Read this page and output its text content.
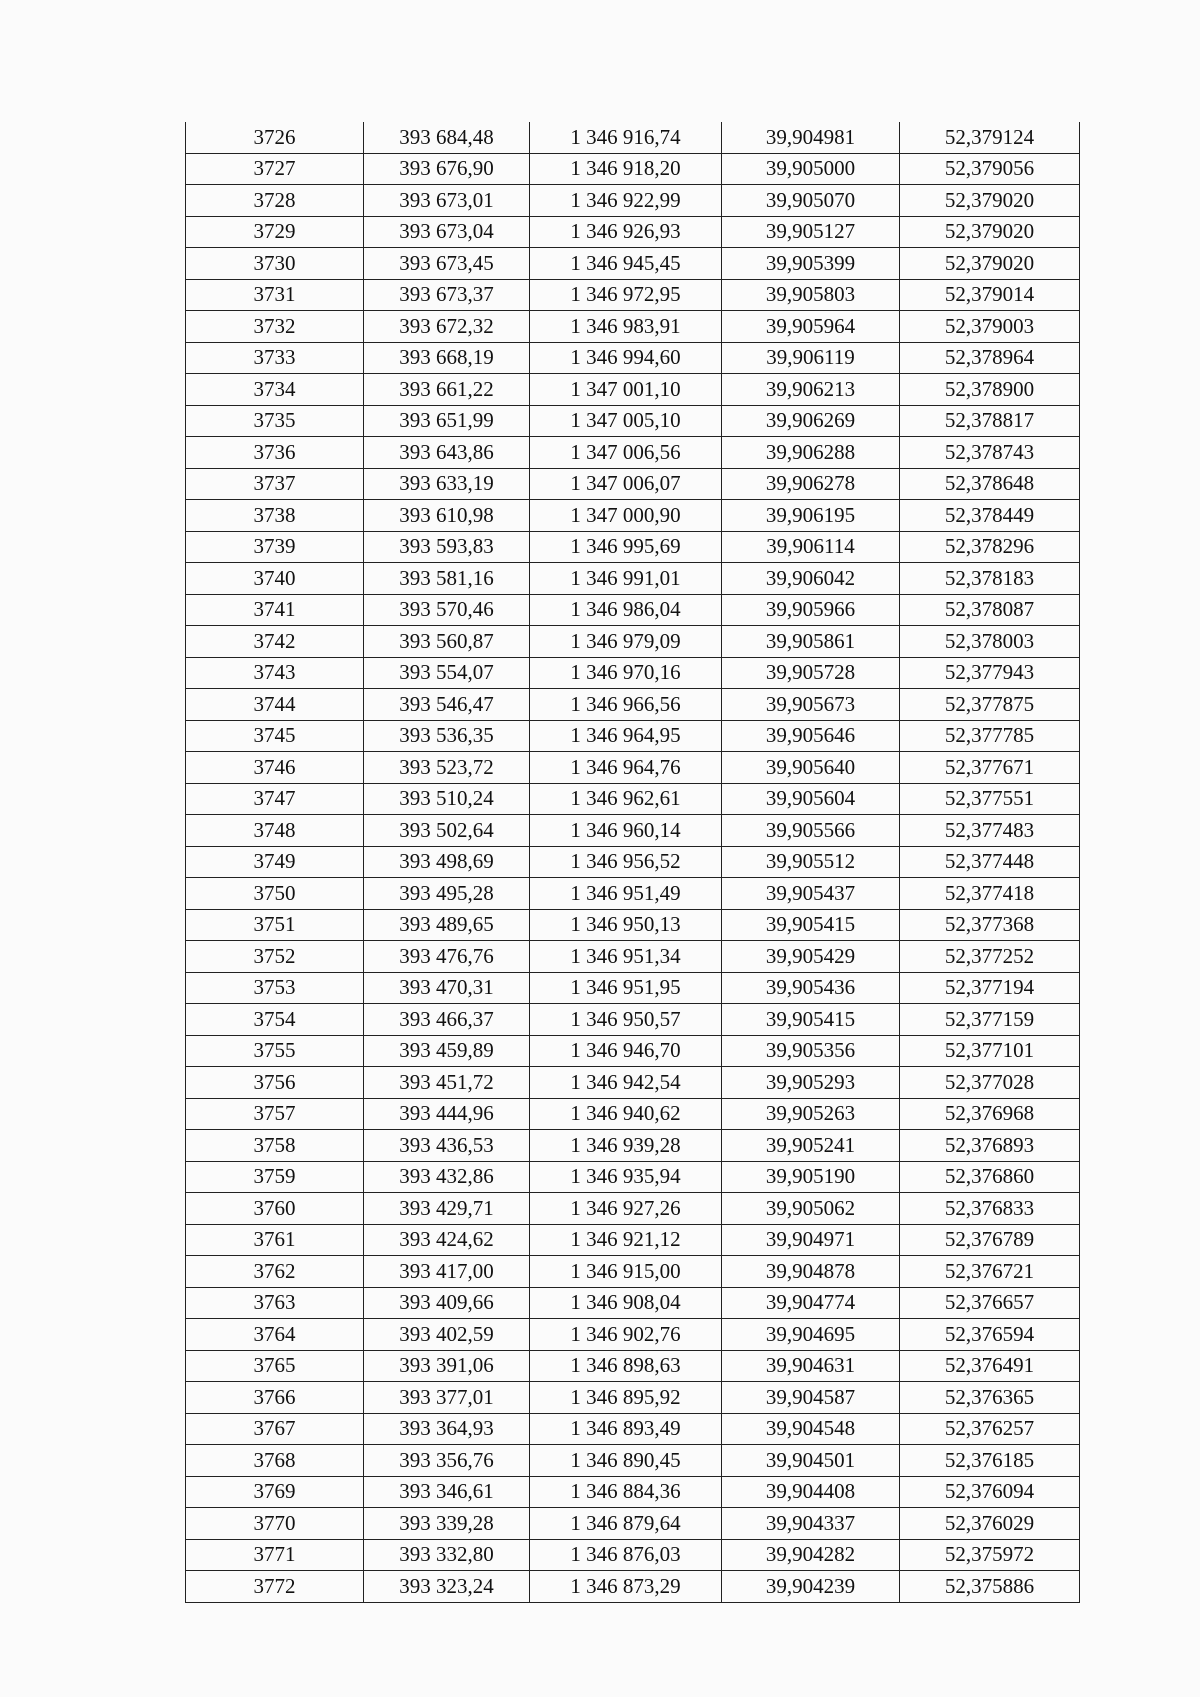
3726	393 684,48	1 346 916,74	39,904981	52,379124
3727	393 676,90	1 346 918,20	39,905000	52,379056
3728	393 673,01	1 346 922,99	39,905070	52,379020
3729	393 673,04	1 346 926,93	39,905127	52,379020
3730	393 673,45	1 346 945,45	39,905399	52,379020
3731	393 673,37	1 346 972,95	39,905803	52,379014
3732	393 672,32	1 346 983,91	39,905964	52,379003
3733	393 668,19	1 346 994,60	39,906119	52,378964
3734	393 661,22	1 347 001,10	39,906213	52,378900
3735	393 651,99	1 347 005,10	39,906269	52,378817
3736	393 643,86	1 347 006,56	39,906288	52,378743
3737	393 633,19	1 347 006,07	39,906278	52,378648
3738	393 610,98	1 347 000,90	39,906195	52,378449
3739	393 593,83	1 346 995,69	39,906114	52,378296
3740	393 581,16	1 346 991,01	39,906042	52,378183
3741	393 570,46	1 346 986,04	39,905966	52,378087
3742	393 560,87	1 346 979,09	39,905861	52,378003
3743	393 554,07	1 346 970,16	39,905728	52,377943
3744	393 546,47	1 346 966,56	39,905673	52,377875
3745	393 536,35	1 346 964,95	39,905646	52,377785
3746	393 523,72	1 346 964,76	39,905640	52,377671
3747	393 510,24	1 346 962,61	39,905604	52,377551
3748	393 502,64	1 346 960,14	39,905566	52,377483
3749	393 498,69	1 346 956,52	39,905512	52,377448
3750	393 495,28	1 346 951,49	39,905437	52,377418
3751	393 489,65	1 346 950,13	39,905415	52,377368
3752	393 476,76	1 346 951,34	39,905429	52,377252
3753	393 470,31	1 346 951,95	39,905436	52,377194
3754	393 466,37	1 346 950,57	39,905415	52,377159
3755	393 459,89	1 346 946,70	39,905356	52,377101
3756	393 451,72	1 346 942,54	39,905293	52,377028
3757	393 444,96	1 346 940,62	39,905263	52,376968
3758	393 436,53	1 346 939,28	39,905241	52,376893
3759	393 432,86	1 346 935,94	39,905190	52,376860
3760	393 429,71	1 346 927,26	39,905062	52,376833
3761	393 424,62	1 346 921,12	39,904971	52,376789
3762	393 417,00	1 346 915,00	39,904878	52,376721
3763	393 409,66	1 346 908,04	39,904774	52,376657
3764	393 402,59	1 346 902,76	39,904695	52,376594
3765	393 391,06	1 346 898,63	39,904631	52,376491
3766	393 377,01	1 346 895,92	39,904587	52,376365
3767	393 364,93	1 346 893,49	39,904548	52,376257
3768	393 356,76	1 346 890,45	39,904501	52,376185
3769	393 346,61	1 346 884,36	39,904408	52,376094
3770	393 339,28	1 346 879,64	39,904337	52,376029
3771	393 332,80	1 346 876,03	39,904282	52,375972
3772	393 323,24	1 346 873,29	39,904239	52,375886
